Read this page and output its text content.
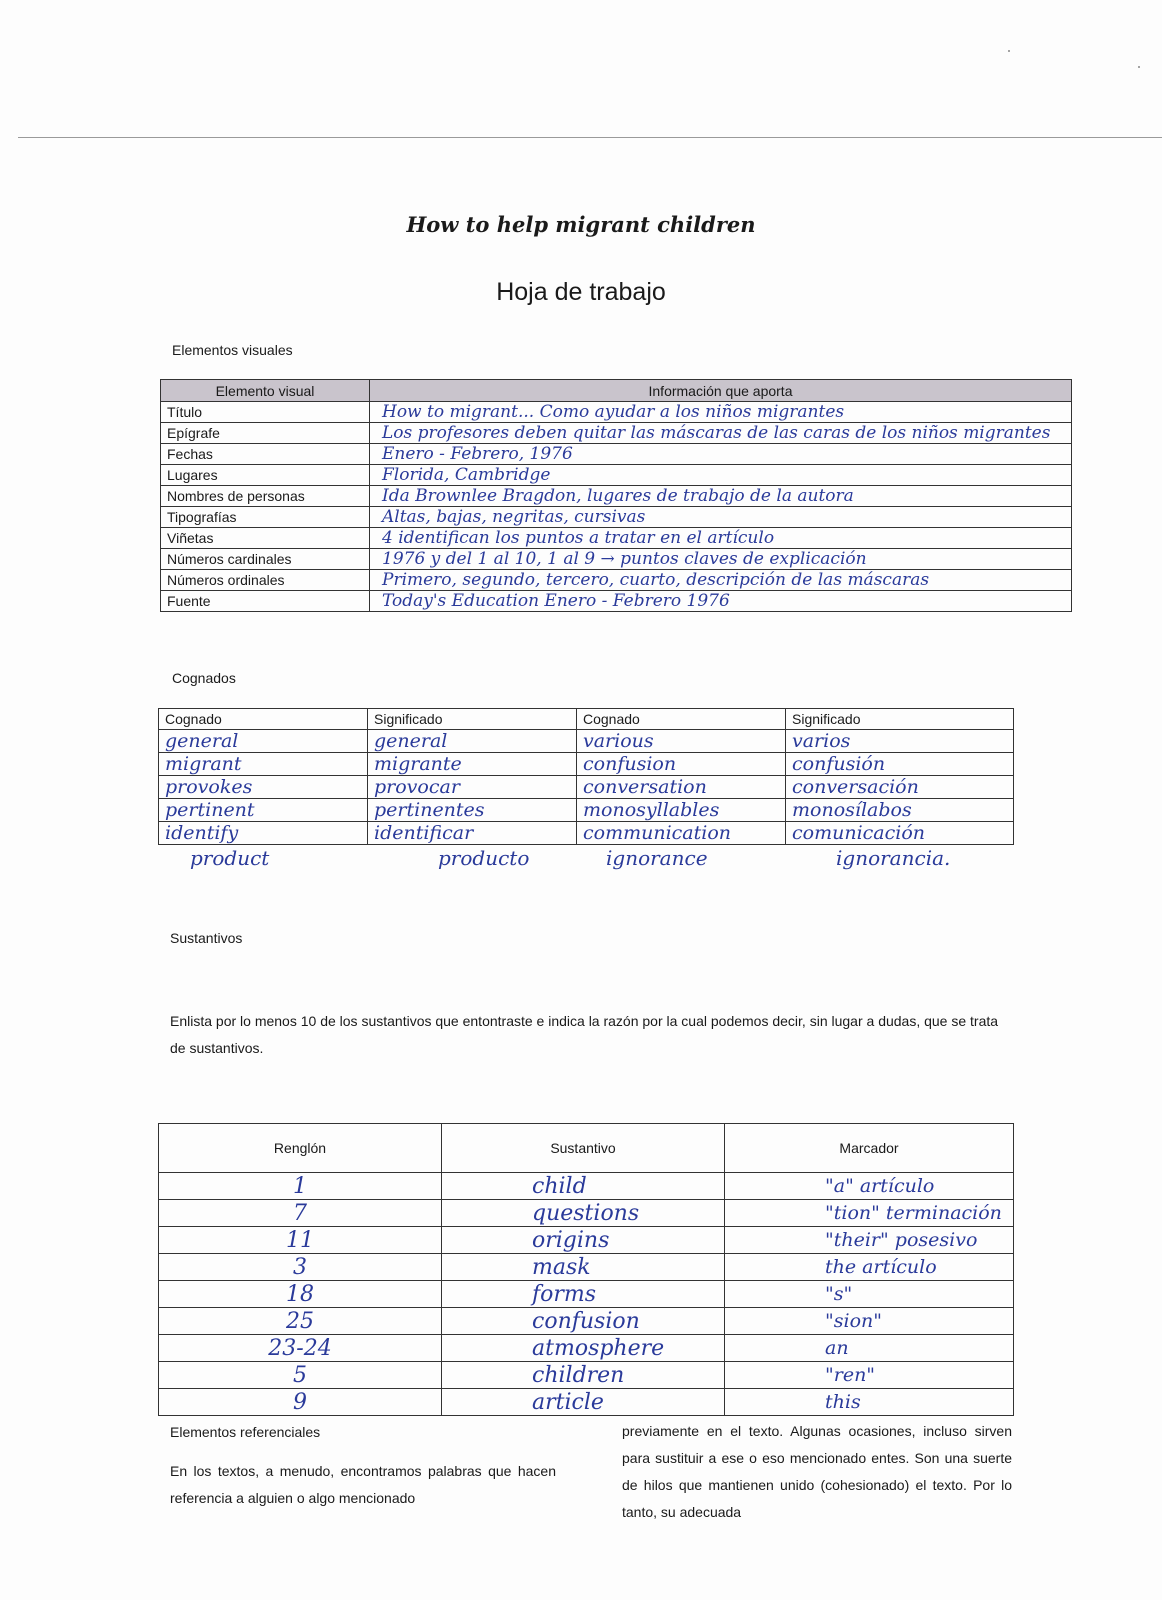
How to help migrant children
Hoja de trabajo
Elementos visuales
Elemento visual	Información que aporta
Título	How to migrant... Como ayudar a los niños migrantes
Epígrafe	Los profesores deben quitar las máscaras de las caras de los niños migrantes
Fechas	Enero - Febrero, 1976
Lugares	Florida, Cambridge
Nombres de personas	Ida Brownlee Bragdon, lugares de trabajo de la autora
Tipografías	Altas, bajas, negritas, cursivas
Viñetas	4 identifican los puntos a tratar en el artículo
Números cardinales	1976 y del 1 al 10, 1 al 9 → puntos claves de explicación
Números ordinales	Primero, segundo, tercero, cuarto, descripción de las máscaras
Fuente	Today's Education Enero - Febrero 1976
Cognados
Cognado	Significado	Cognado	Significado
general	general	various	varios
migrant	migrante	confusion	confusión
provokes	provocar	conversation	conversación
pertinent	pertinentes	monosyllables	monosílabos
identify	identificar	communication	comunicación
product	producto	ignorance	ignorancia.
Sustantivos
Enlista por lo menos 10 de los sustantivos que entontraste e indica la razón por la cual podemos decir, sin lugar a dudas, que se trata de sustantivos.
Renglón	Sustantivo	Marcador
1	child	"a" artículo
7	questions	"tion" terminación
11	origins	"their" posesivo
3	mask	the artículo
18	forms	"s"
25	confusion	"sion"
23-24	atmosphere	an
5	children	"ren"
9	article	this
Elementos referenciales
En los textos, a menudo, encontramos palabras que hacen referencia a alguien o algo mencionado
previamente en el texto. Algunas ocasiones, incluso sirven para sustituir a ese o eso mencionado entes. Son una suerte de hilos que mantienen unido (cohesionado) el texto. Por lo tanto, su adecuada
